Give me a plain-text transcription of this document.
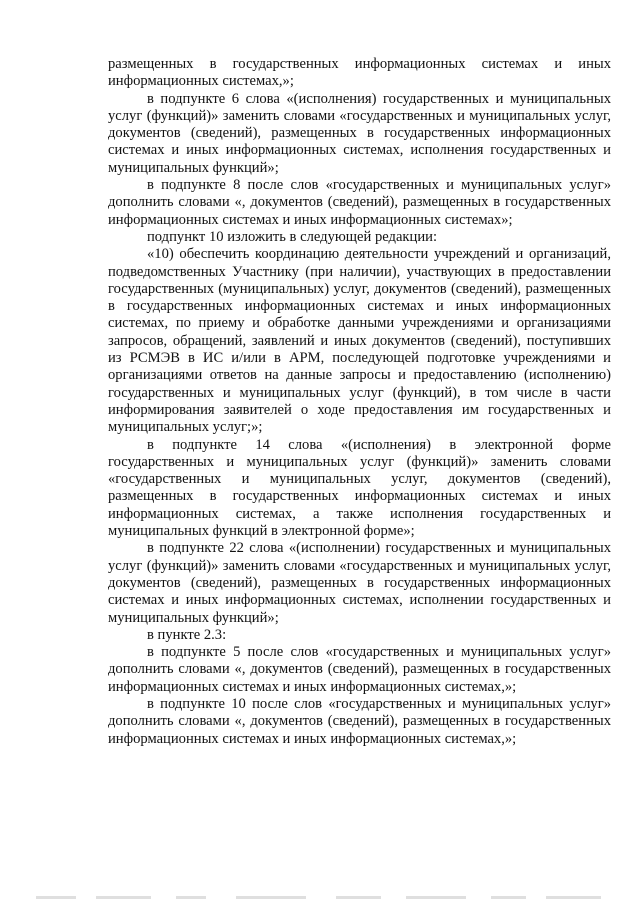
размещенных в государственных информационных системах и иных информационных системах,»;

в подпункте 6 слова «(исполнения) государственных и муниципальных услуг (функций)» заменить словами «государственных и муниципальных услуг, документов (сведений), размещенных в государственных информационных системах и иных информационных системах, исполнения государственных и муниципальных функций»;

в подпункте 8 после слов «государственных и муниципальных услуг» дополнить словами «, документов (сведений), размещенных в государственных информационных системах и иных информационных системах»;

подпункт 10 изложить в следующей редакции:

«10) обеспечить координацию деятельности учреждений и организаций, подведомственных Участнику (при наличии), участвующих в предоставлении государственных (муниципальных) услуг, документов (сведений), размещенных в государственных информационных системах и иных информационных системах, по приему и обработке данными учреждениями и организациями запросов, обращений, заявлений и иных документов (сведений), поступивших из РСМЭВ в ИС и/или в АРМ, последующей подготовке учреждениями и организациями ответов на данные запросы и предоставлению (исполнению) государственных и муниципальных услуг (функций), в том числе в части информирования заявителей о ходе предоставления им государственных и муниципальных услуг;»;

в подпункте 14 слова «(исполнения) в электронной форме государственных и муниципальных услуг (функций)» заменить словами «государственных и муниципальных услуг, документов (сведений), размещенных в государственных информационных системах и иных информационных системах, а также исполнения государственных и муниципальных функций в электронной форме»;

в подпункте 22 слова «(исполнении) государственных и муниципальных услуг (функций)» заменить словами «государственных и муниципальных услуг, документов (сведений), размещенных в государственных информационных системах и иных информационных системах, исполнении государственных и муниципальных функций»;

в пункте 2.3:

в подпункте 5 после слов «государственных и муниципальных услуг» дополнить словами «, документов (сведений), размещенных в государственных информационных системах и иных информационных системах,»;

в подпункте 10 после слов «государственных и муниципальных услуг» дополнить словами «, документов (сведений), размещенных в государственных информационных системах и иных информационных системах,»;
